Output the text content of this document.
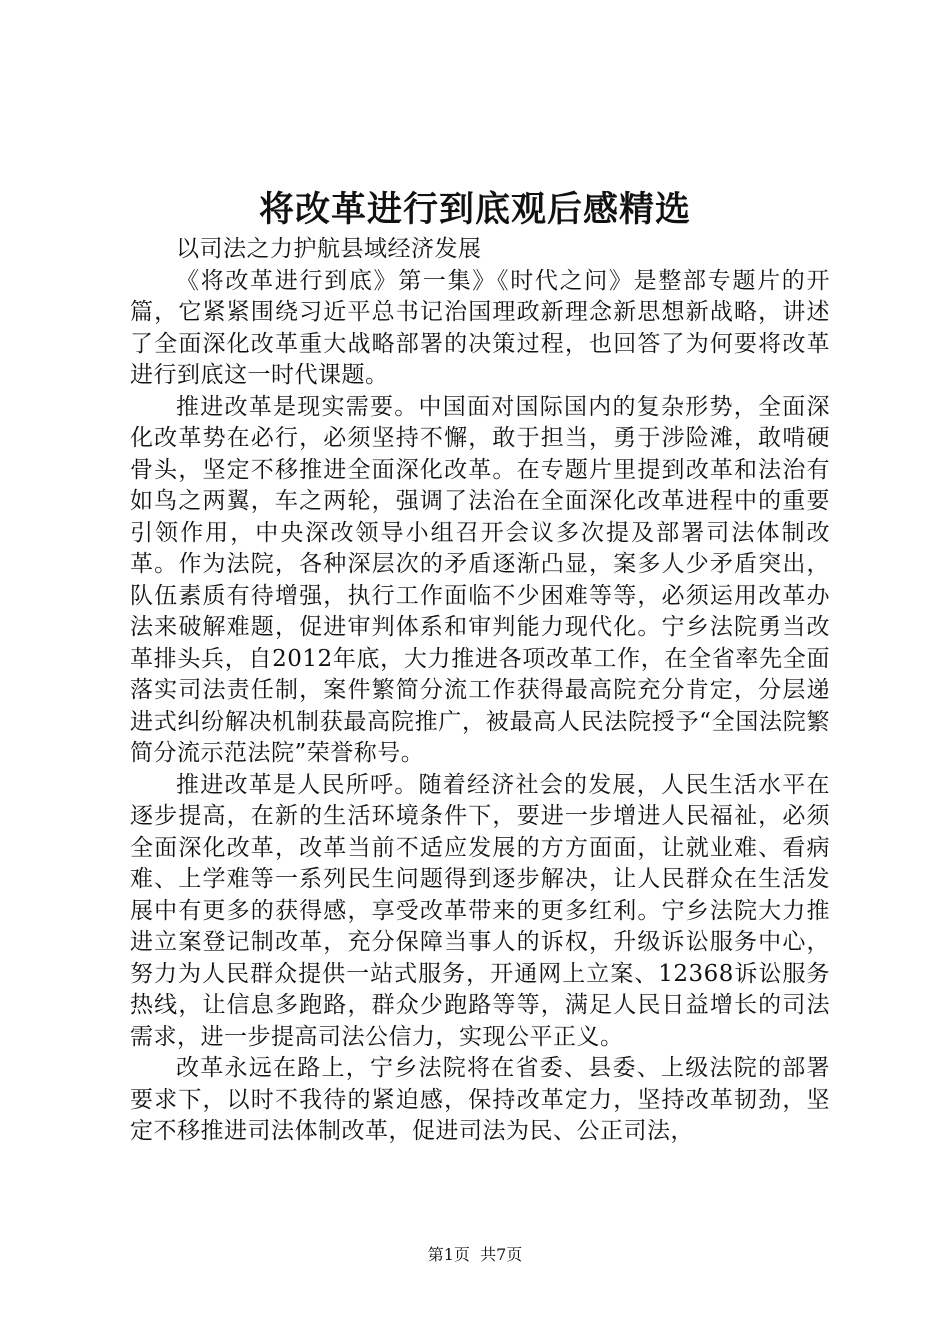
将改革进行到底观后感精选

以司法之力护航县域经济发展

《将改革进行到底》第一集》《时代之问》是整部专题片的开篇，它紧紧围绕习近平总书记治国理政新理念新思想新战略，讲述了全面深化改革重大战略部署的决策过程，也回答了为何要将改革进行到底这一时代课题。

推进改革是现实需要。中国面对国际国内的复杂形势，全面深化改革势在必行，必须坚持不懈，敢于担当，勇于涉险滩，敢啃硬骨头，坚定不移推进全面深化改革。在专题片里提到改革和法治有如鸟之两翼，车之两轮，强调了法治在全面深化改革进程中的重要引领作用，中央深改领导小组召开会议多次提及部署司法体制改革。作为法院，各种深层次的矛盾逐渐凸显，案多人少矛盾突出，队伍素质有待增强，执行工作面临不少困难等等，必须运用改革办法来破解难题，促进审判体系和审判能力现代化。宁乡法院勇当改革排头兵，自2012年底，大力推进各项改革工作，在全省率先全面落实司法责任制，案件繁简分流工作获得最高院充分肯定，分层递进式纠纷解决机制获最高院推广，被最高人民法院授予“全国法院繁简分流示范法院”荣誉称号。

推进改革是人民所呼。随着经济社会的发展，人民生活水平在逐步提高，在新的生活环境条件下，要进一步增进人民福祉，必须全面深化改革，改革当前不适应发展的方方面面，让就业难、看病难、上学难等一系列民生问题得到逐步解决，让人民群众在生活发展中有更多的获得感，享受改革带来的更多红利。宁乡法院大力推进立案登记制改革，充分保障当事人的诉权，升级诉讼服务中心，努力为人民群众提供一站式服务，开通网上立案、12368诉讼服务热线，让信息多跑路，群众少跑路等等，满足人民日益增长的司法需求，进一步提高司法公信力，实现公平正义。

改革永远在路上，宁乡法院将在省委、县委、上级法院的部署要求下，以时不我待的紧迫感，保持改革定力，坚持改革韧劲，坚定不移推进司法体制改革，促进司法为民、公正司法，

第1页 共7页
